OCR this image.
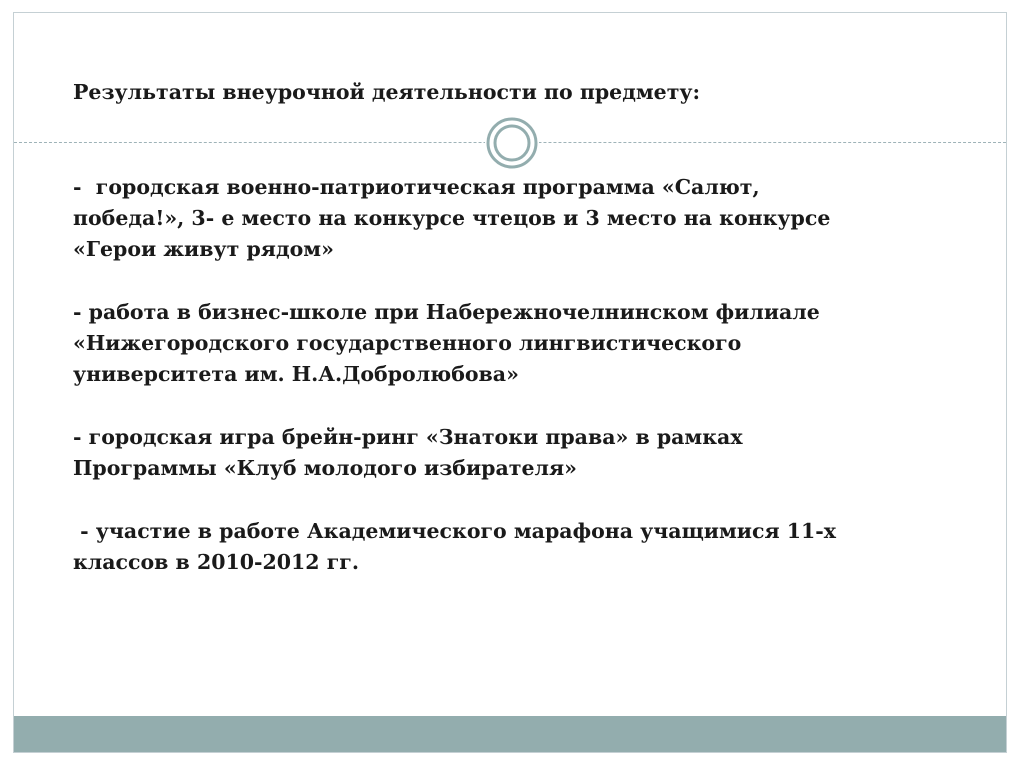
Результаты внеурочной деятельности по предмету:

-  городская военно-патриотическая программа «Салют,
победа!», 3- е место на конкурсе чтецов и 3 место на конкурсе
«Герои живут рядом»

- работа в бизнес-школе при Набережночелнинском филиале
«Нижегородского государственного лингвистического
университета им. Н.А.Добролюбова»

- городская игра брейн-ринг «Знатоки права» в рамках
Программы «Клуб молодого избирателя»

- участие в работе Академического марафона учащимися 11-х
классов в 2010-2012 гг.
